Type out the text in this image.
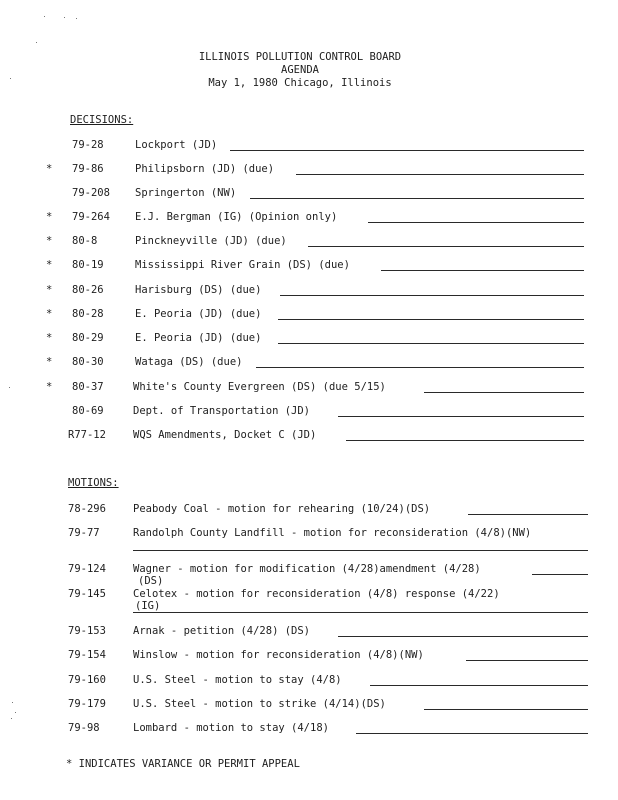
ILLINOIS POLLUTION CONTROL BOARD
AGENDA
May 1, 1980 Chicago, Illinois
DECISIONS:
79-28	Lockport (JD)
* 79-86	Philipsborn (JD) (due)
79-208 Springerton (NW)
* 79-264 E.J. Bergman (IG) (Opinion only)
* 80-8	Pinckneyville (JD) (due)
* 80-19	Mississippi River Grain (DS) (due)
* 80-26	Harisburg (DS) (due)
* 80-28	E. Peoria (JD) (due)
* 80-29	E. Peoria (JD) (due)
* 80-30	Wataga (DS) (due)
* 80-37	White's County Evergreen (DS) (due 5/15)
80-69	Dept. of Transportation (JD)
R77-12	WQS Amendments, Docket C (JD)
MOTIONS:
78-296	Peabody Coal - motion for rehearing (10/24)(DS)
79-77	Randolph County Landfill - motion for reconsideration (4/8)(NW)
79-124	Wagner - motion for modification (4/28)amendment (4/28)
(DS)
79-145	Celotex - motion for reconsideration (4/8) response (4/22)
(IG)
79-153	Arnak - petition (4/28) (DS)
79-154	Winslow - motion for reconsideration (4/8)(NW)
79-160	U.S. Steel - motion to stay (4/8)
79-179	U.S. Steel - motion to strike (4/14)(DS)
79-98	Lombard - motion to stay (4/18)
* INDICATES VARIANCE OR PERMIT APPEAL
